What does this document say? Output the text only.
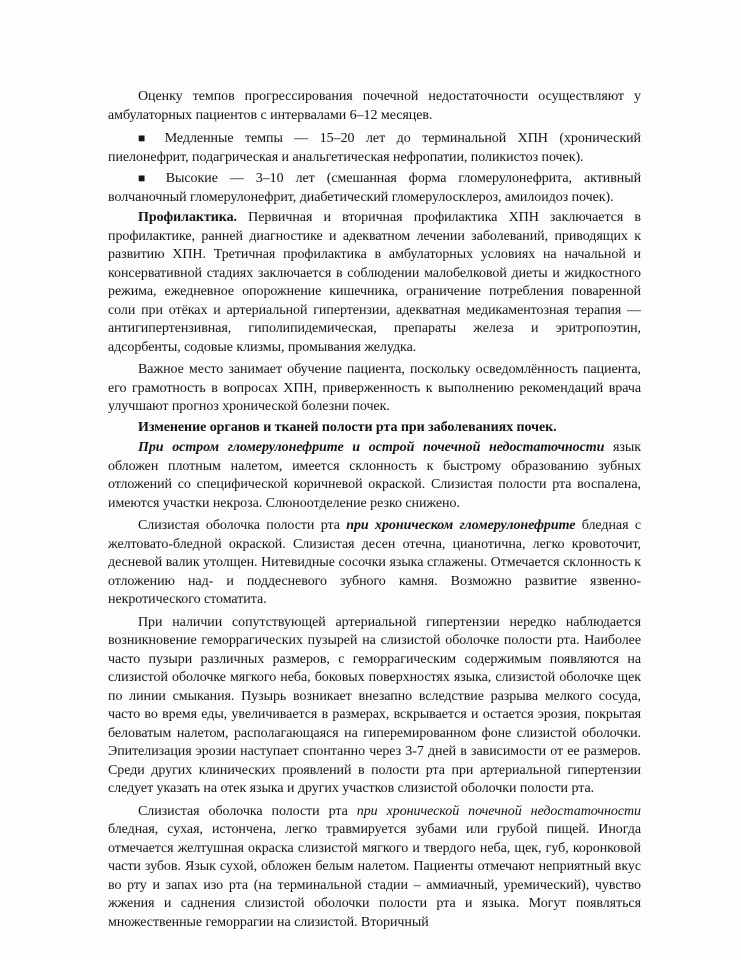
Оценку темпов прогрессирования почечной недостаточности осуществляют у амбулаторных пациентов с интервалами 6–12 месяцев.

■ Медленные темпы — 15–20 лет до терминальной ХПН (хронический пиелонефрит, подагрическая и анальгетическая нефропатии, поликистоз почек).

■ Высокие — 3–10 лет (смешанная форма гломерулонефрита, активный волчаночный гломерулонефрит, диабетический гломерулосклероз, амилоидоз почек).

Профилактика. Первичная и вторичная профилактика ХПН заключается в профилактике, ранней диагностике и адекватном лечении заболеваний, приводящих к развитию ХПН. Третичная профилактика в амбулаторных условиях на начальной и консервативной стадиях заключается в соблюдении малобелковой диеты и жидкостного режима, ежедневное опорожнение кишечника, ограничение потребления поваренной соли при отёках и артериальной гипертензии, адекватная медикаментозная терапия — антигипертензивная, гиполипидемическая, препараты железа и эритропоэтин, адсорбенты, содовые клизмы, промывания желудка.

Важное место занимает обучение пациента, поскольку осведомлённость пациента, его грамотность в вопросах ХПН, приверженность к выполнению рекомендаций врача улучшают прогноз хронической болезни почек.

Изменение органов и тканей полости рта при заболеваниях почек.

При остром гломерулонефрите и острой почечной недостаточности язык обложен плотным налетом, имеется склонность к быстрому образованию зубных отложений со специфической коричневой окраской. Слизистая полости рта воспалена, имеются участки некроза. Слюноотделение резко снижено.

Слизистая оболочка полости рта при хроническом гломерулонефрите бледная с желтовато-бледной окраской. Слизистая десен отечна, цианотична, легко кровоточит, десневой валик утолщен. Нитевидные сосочки языка сглажены. Отмечается склонность к отложению над- и поддесневого зубного камня. Возможно развитие язвенно-некротического стоматита.

При наличии сопутствующей артериальной гипертензии нередко наблюдается возникновение геморрагических пузырей на слизистой оболочке полости рта. Наиболее часто пузыри различных размеров, с геморрагическим содержимым появляются на слизистой оболочке мягкого неба, боковых поверхностях языка, слизистой оболочке щек по линии смыкания. Пузырь возникает внезапно вследствие разрыва мелкого сосуда, часто во время еды, увеличивается в размерах, вскрывается и остается эрозия, покрытая беловатым налетом, располагающаяся на гиперемированном фоне слизистой оболочки. Эпителизация эрозии наступает спонтанно через 3-7 дней в зависимости от ее размеров. Среди других клинических проявлений в полости рта при артериальной гипертензии следует указать на отек языка и других участков слизистой оболочки полости рта.

Слизистая оболочка полости рта при хронической почечной недостаточности бледная, сухая, истончена, легко травмируется зубами или грубой пищей. Иногда отмечается желтушная окраска слизистой мягкого и твердого неба, щек, губ, коронковой части зубов. Язык сухой, обложен белым налетом. Пациенты отмечают неприятный вкус во рту и запах изо рта (на терминальной стадии – аммиачный, уремический), чувство жжения и саднения слизистой оболочки полости рта и языка. Могут появляться множественные геморрагии на слизистой. Вторичный
